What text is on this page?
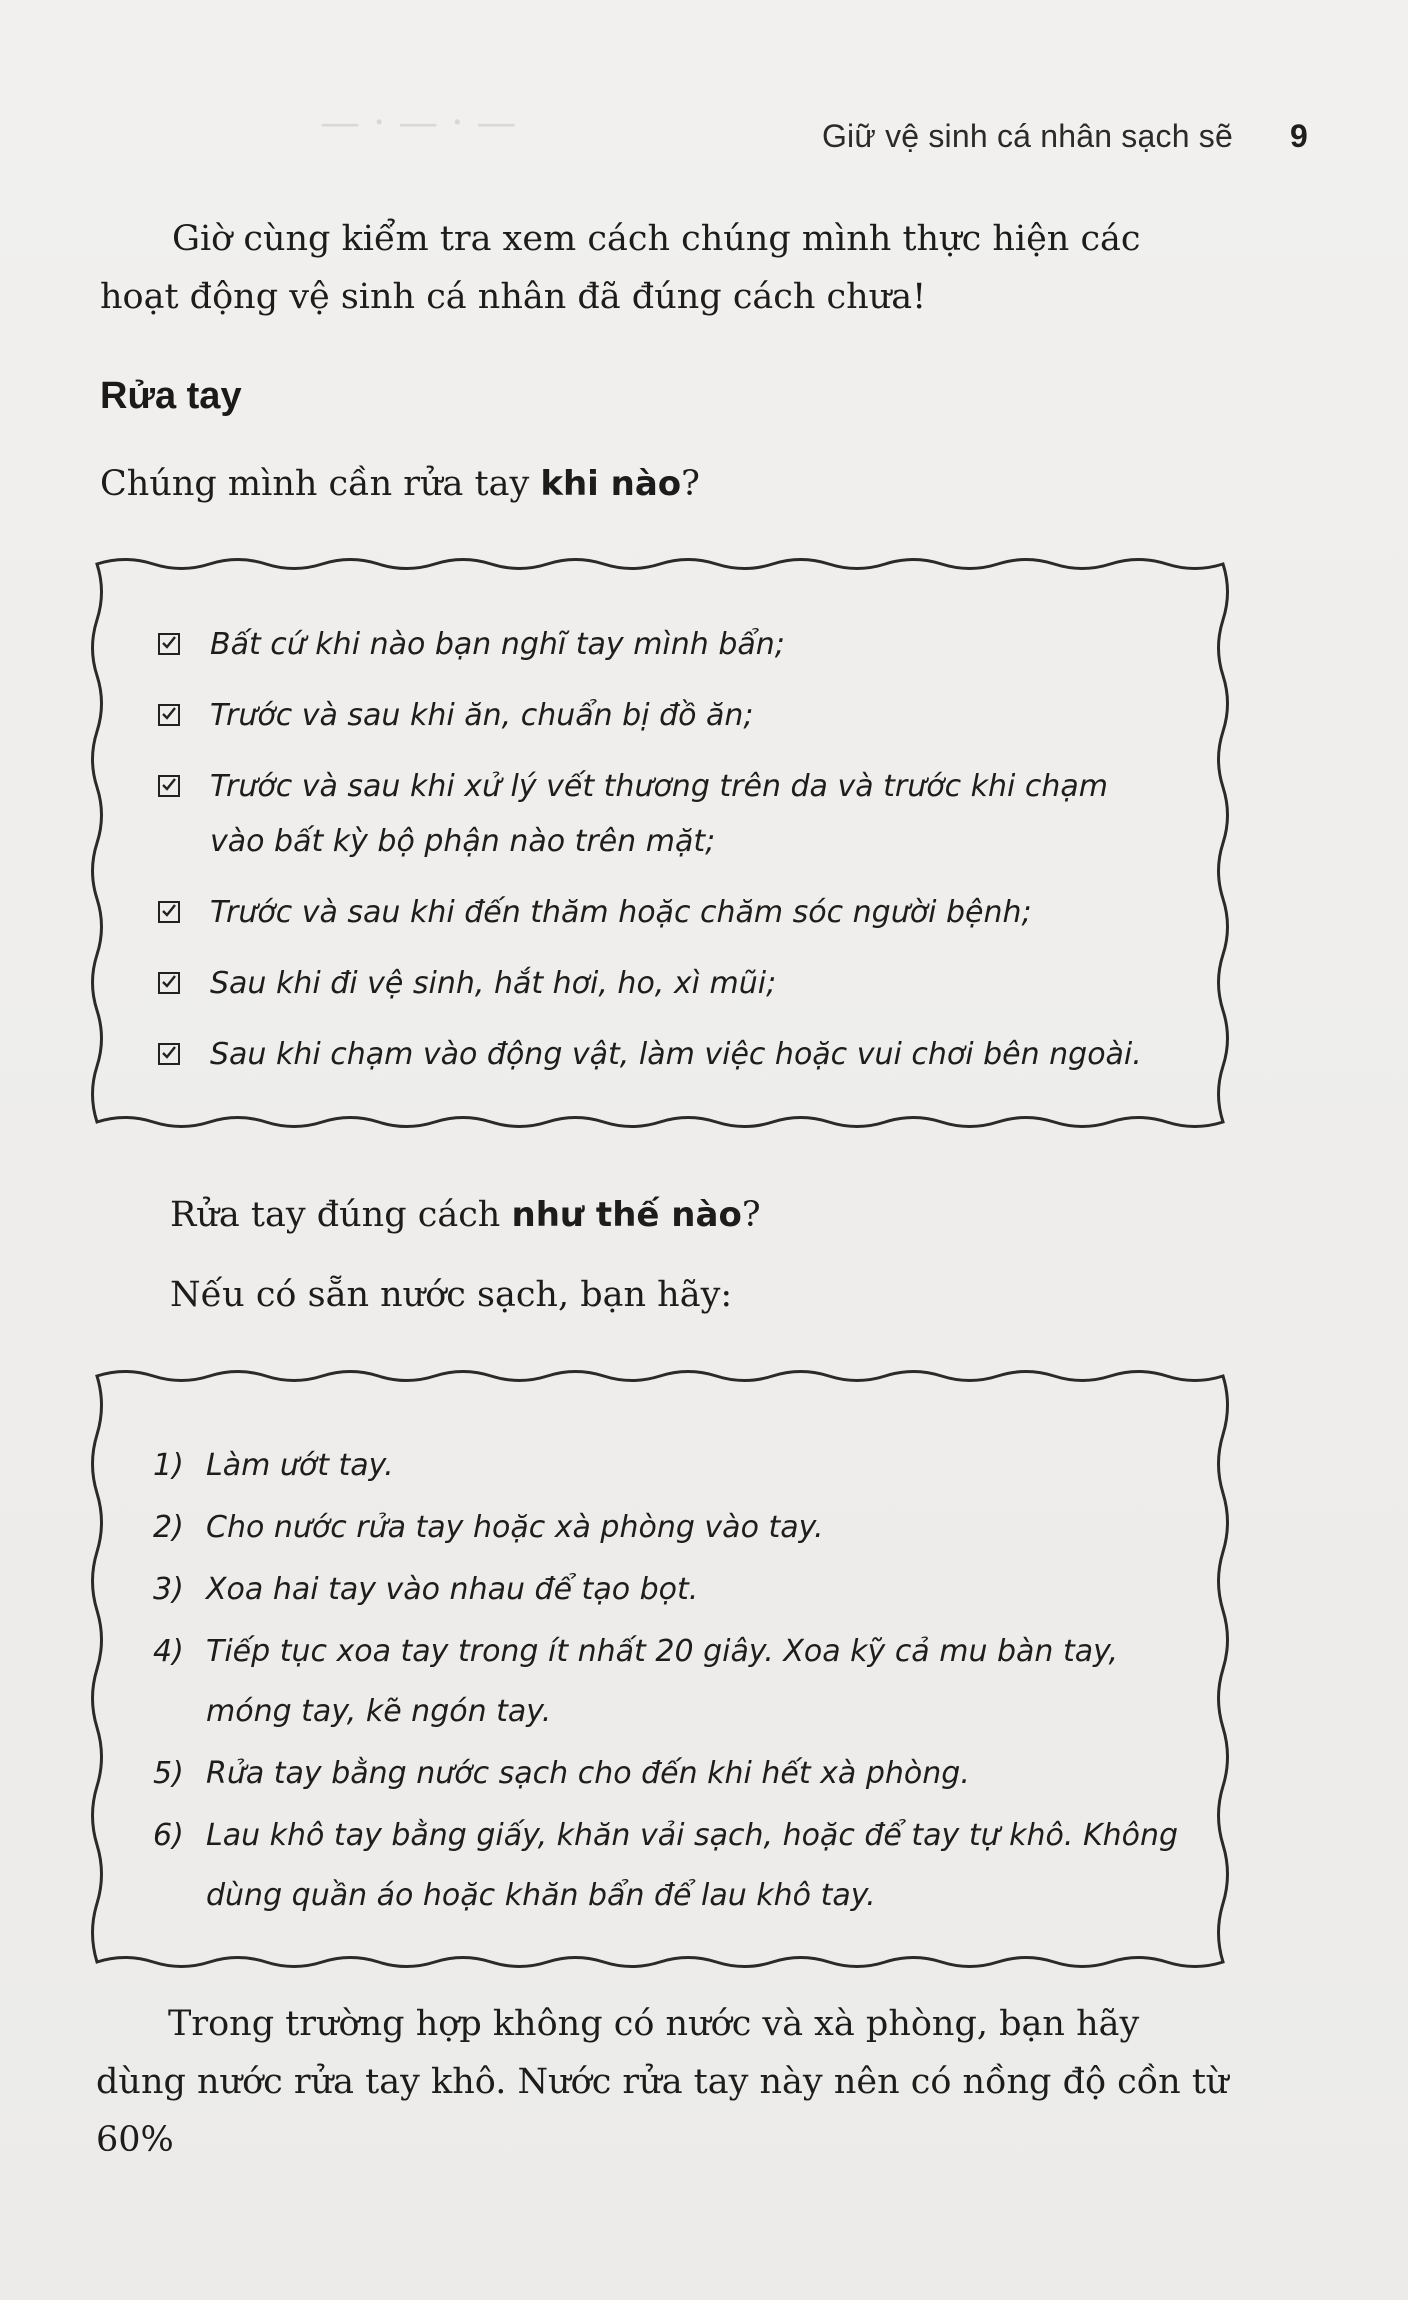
— · — · —	Giữ vệ sinh cá nhân sạch sẽ 9
Giờ cùng kiểm tra xem cách chúng mình thực hiện các hoạt động vệ sinh cá nhân đã đúng cách chưa!
Rửa tay
Chúng mình cần rửa tay khi nào?
Bất cứ khi nào bạn nghĩ tay mình bẩn;
Trước và sau khi ăn, chuẩn bị đồ ăn;
Trước và sau khi xử lý vết thương trên da và trước khi chạm vào bất kỳ bộ phận nào trên mặt;
Trước và sau khi đến thăm hoặc chăm sóc người bệnh;
Sau khi đi vệ sinh, hắt hơi, ho, xì mũi;
Sau khi chạm vào động vật, làm việc hoặc vui chơi bên ngoài.
Rửa tay đúng cách như thế nào?
Nếu có sẵn nước sạch, bạn hãy:
1) Làm ướt tay.
2) Cho nước rửa tay hoặc xà phòng vào tay.
3) Xoa hai tay vào nhau để tạo bọt.
4) Tiếp tục xoa tay trong ít nhất 20 giây. Xoa kỹ cả mu bàn tay, móng tay, kẽ ngón tay.
5) Rửa tay bằng nước sạch cho đến khi hết xà phòng.
6) Lau khô tay bằng giấy, khăn vải sạch, hoặc để tay tự khô. Không dùng quần áo hoặc khăn bẩn để lau khô tay.
Trong trường hợp không có nước và xà phòng, bạn hãy dùng nước rửa tay khô. Nước rửa tay này nên có nồng độ cồn từ 60%
